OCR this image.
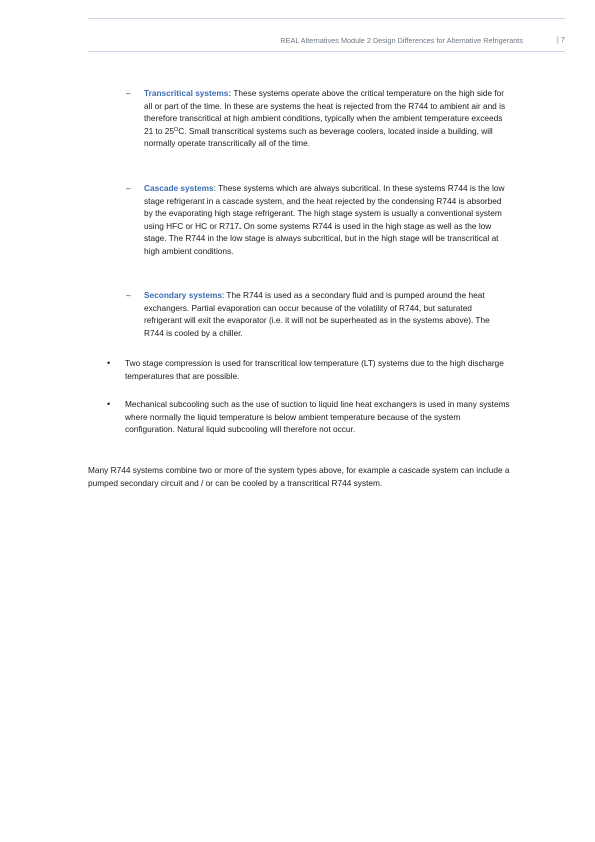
REAL Alternatives Module 2 Design Differences for Alternative Refrigerants	| 7
– Transcritical systems: These systems operate above the critical temperature on the high side for all or part of the time. In these are systems the heat is rejected from the R744 to ambient air and is therefore transcritical at high ambient conditions, typically when the ambient temperature exceeds 21 to $25^OC$. Small transcritical systems such as beverage coolers, located inside a building, will normally operate transcritically all of the time.
– Cascade systems: These systems which are always subcritical. In these systems R744 is the low stage refrigerant in a cascade system, and the heat rejected by the condensing R744 is absorbed by the evaporating high stage refrigerant. The high stage system is usually a conventional system using HFC or HC or R717. On some systems R744 is used in the high stage as well as the low stage. The R744 in the low stage is always subcritical, but in the high stage will be transcritical at high ambient conditions.
– Secondary systems: The R744 is used as a secondary fluid and is pumped around the heat exchangers. Partial evaporation can occur because of the volatility of R744, but saturated refrigerant will exit the evaporator (i.e. it will not be superheated as in the systems above). The R744 is cooled by a chiller.
• Two stage compression is used for transcritical low temperature (LT) systems due to the high discharge temperatures that are possible.
• Mechanical subcooling such as the use of suction to liquid line heat exchangers is used in many systems where normally the liquid temperature is below ambient temperature because of the system configuration. Natural liquid subcooling will therefore not occur.
Many R744 systems combine two or more of the system types above, for example a cascade system can include a pumped secondary circuit and / or can be cooled by a transcritical R744 system.
